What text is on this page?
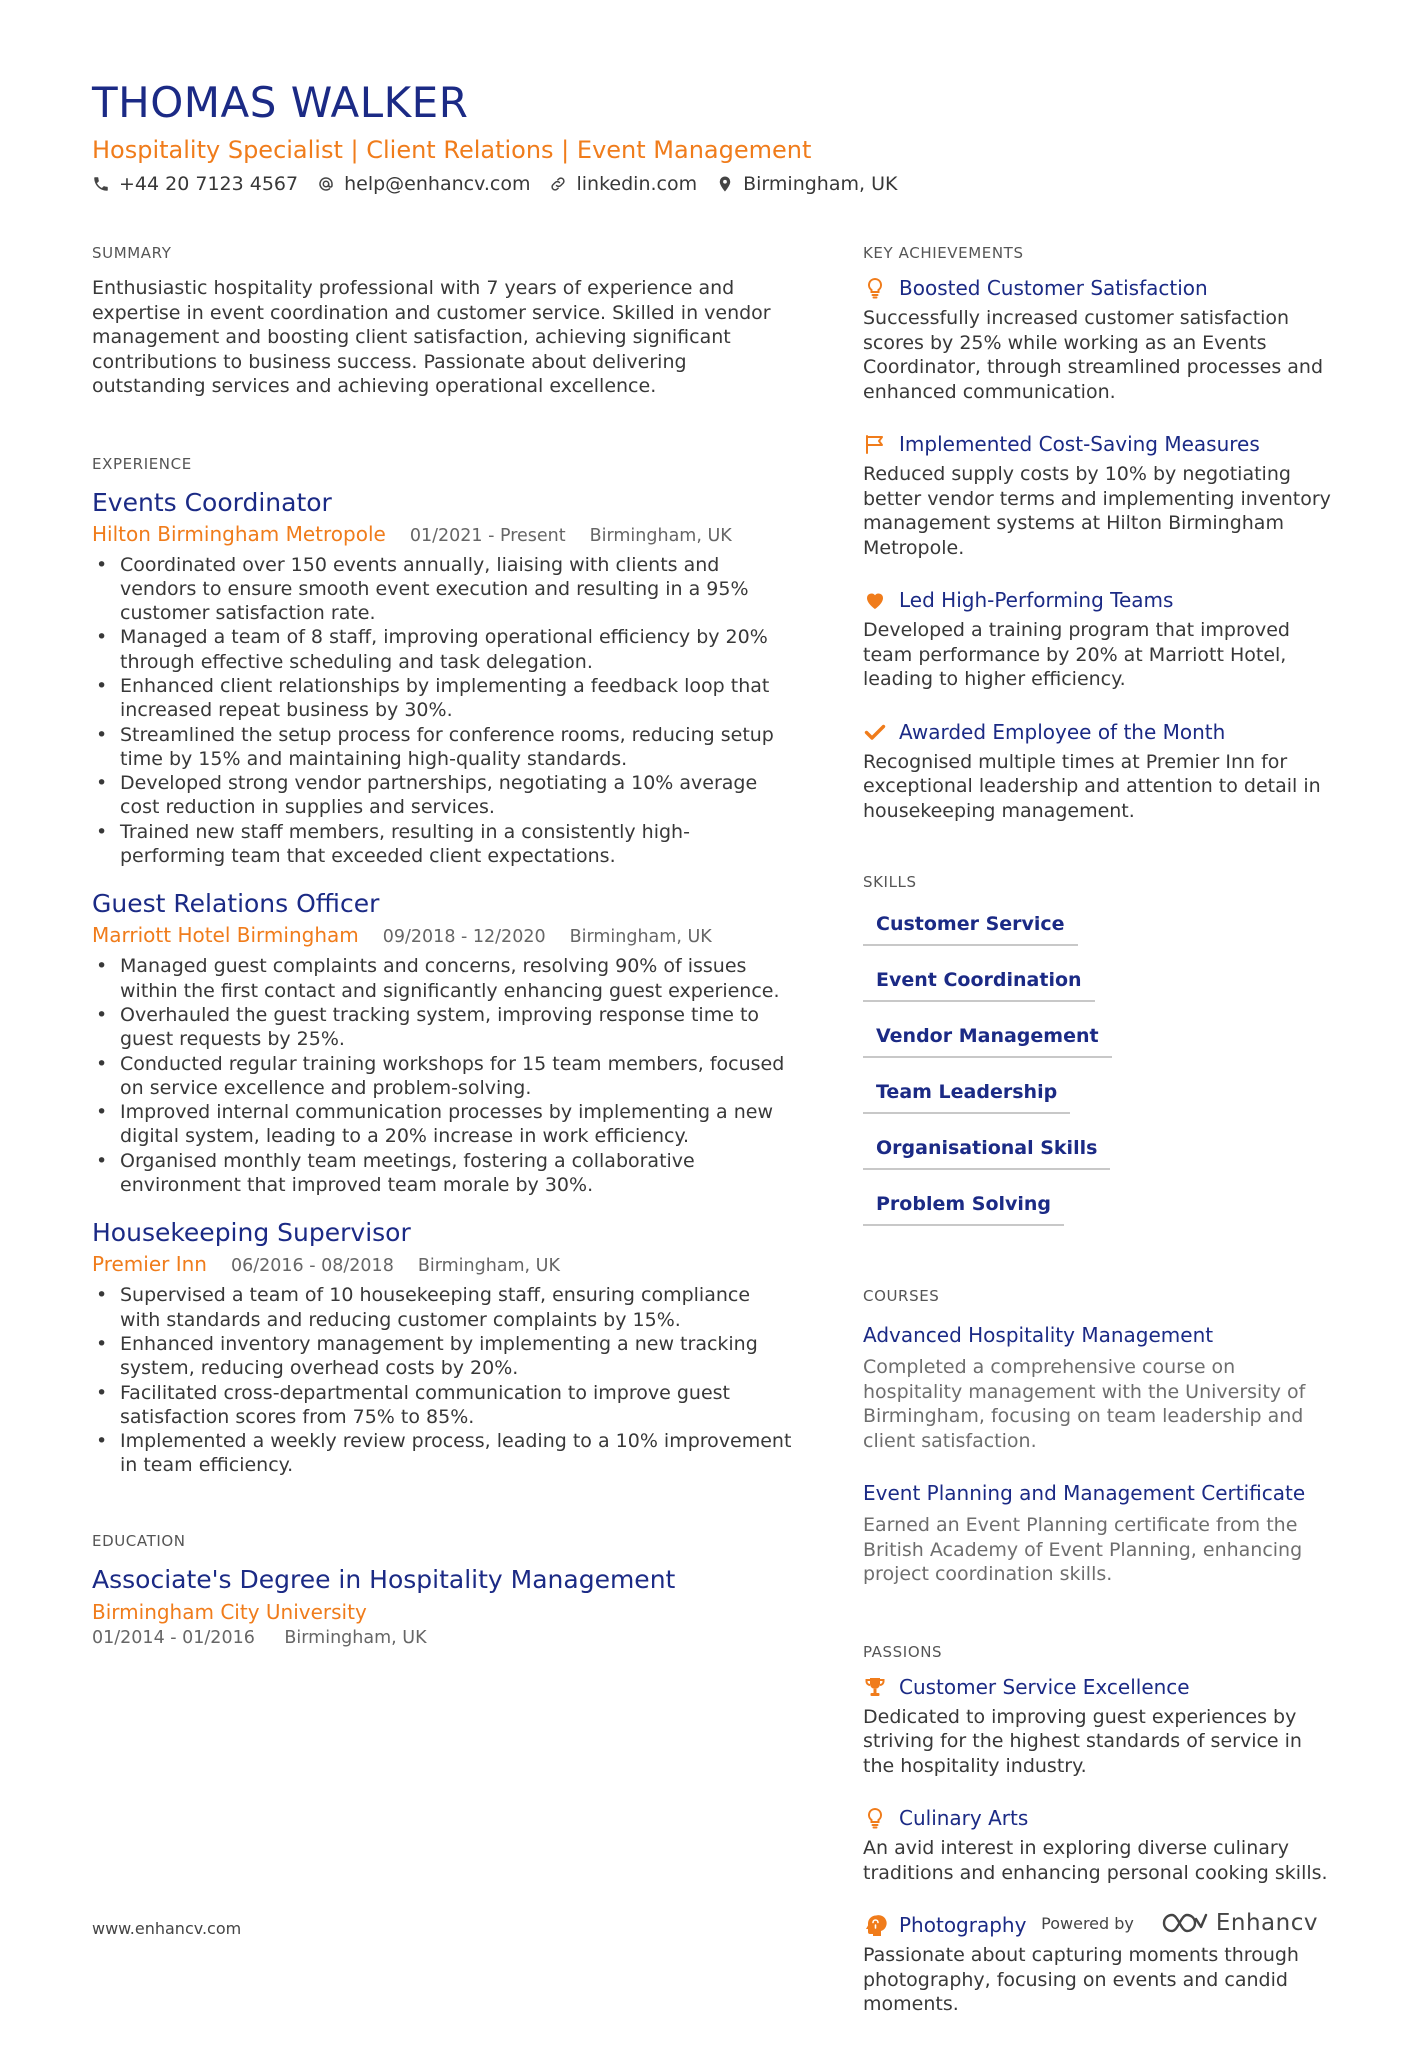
THOMAS WALKER
Hospitality Specialist | Client Relations | Event Management
+44 20 7123 4567 help@enhancv.com linkedin.com Birmingham, UK
SUMMARY

Enthusiastic hospitality professional with 7 years of experience and expertise in event coordination and customer service. Skilled in vendor management and boosting client satisfaction, achieving significant contributions to business success. Passionate about delivering outstanding services and achieving operational excellence.

EXPERIENCE
Events Coordinator
Hilton Birmingham Metropole 01/2021 - Present Birmingham, UK
• Coordinated over 150 events annually, liaising with clients and vendors to ensure smooth event execution and resulting in a 95% customer satisfaction rate.
• Managed a team of 8 staff, improving operational efficiency by 20% through effective scheduling and task delegation.
• Enhanced client relationships by implementing a feedback loop that increased repeat business by 30%.
• Streamlined the setup process for conference rooms, reducing setup time by 15% and maintaining high-quality standards.
• Developed strong vendor partnerships, negotiating a 10% average cost reduction in supplies and services.
• Trained new staff members, resulting in a consistently high-performing team that exceeded client expectations.
Guest Relations Officer
Marriott Hotel Birmingham 09/2018 - 12/2020 Birmingham, UK
• Managed guest complaints and concerns, resolving 90% of issues within the first contact and significantly enhancing guest experience.
• Overhauled the guest tracking system, improving response time to guest requests by 25%.
• Conducted regular training workshops for 15 team members, focused on service excellence and problem-solving.
• Improved internal communication processes by implementing a new digital system, leading to a 20% increase in work efficiency.
• Organised monthly team meetings, fostering a collaborative environment that improved team morale by 30%.
Housekeeping Supervisor
Premier Inn 06/2016 - 08/2018 Birmingham, UK
• Supervised a team of 10 housekeeping staff, ensuring compliance with standards and reducing customer complaints by 15%.
• Enhanced inventory management by implementing a new tracking system, reducing overhead costs by 20%.
• Facilitated cross-departmental communication to improve guest satisfaction scores from 75% to 85%.
• Implemented a weekly review process, leading to a 10% improvement in team efficiency.
EDUCATION
Associate's Degree in Hospitality Management
Birmingham City University
01/2014 - 01/2016 Birmingham, UK
KEY ACHIEVEMENTS
Boosted Customer Satisfaction

Successfully increased customer satisfaction scores by 25% while working as an Events Coordinator, through streamlined processes and enhanced communication.

Implemented Cost-Saving Measures

Reduced supply costs by 10% by negotiating better vendor terms and implementing inventory management systems at Hilton Birmingham Metropole.

Led High-Performing Teams

Developed a training program that improved team performance by 20% at Marriott Hotel, leading to higher efficiency.

Awarded Employee of the Month

Recognised multiple times at Premier Inn for exceptional leadership and attention to detail in housekeeping management.

SKILLS
Customer Service
Event Coordination
Vendor Management
Team Leadership
Organisational Skills
Problem Solving
COURSES
Advanced Hospitality Management

Completed a comprehensive course on hospitality management with the University of Birmingham, focusing on team leadership and client satisfaction.

Event Planning and Management Certificate

Earned an Event Planning certificate from the British Academy of Event Planning, enhancing project coordination skills.

PASSIONS
Customer Service Excellence

Dedicated to improving guest experiences by striving for the highest standards of service in the hospitality industry.

Culinary Arts

An avid interest in exploring diverse culinary traditions and enhancing personal cooking skills.

Photography

Passionate about capturing moments through photography, focusing on events and candid moments.

www.enhancv.com	Powered by	Enhancv
